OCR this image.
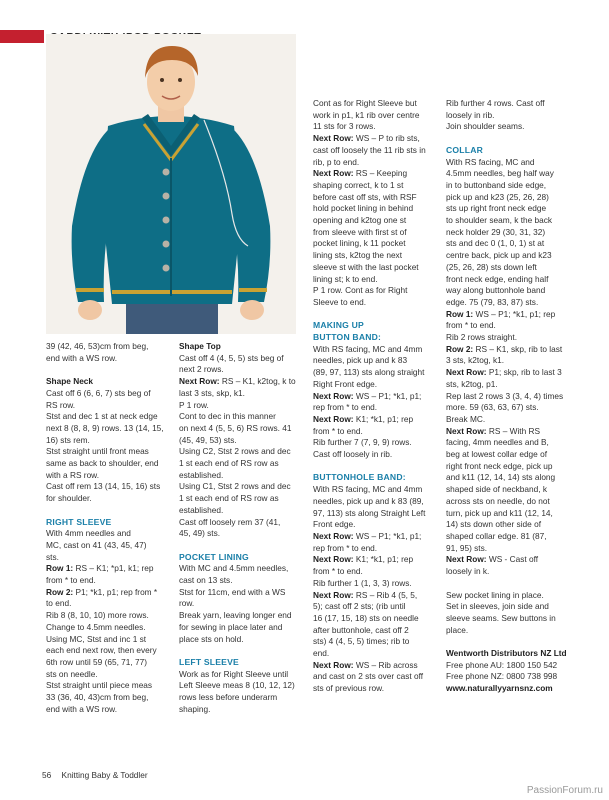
39 (42, 46, 53)cm from beg,

end with a WS row.

Shape Neck

Cast off 6 (6, 6, 7) sts beg of

RS row.

Stst and dec 1 st at neck edge

next 8 (8, 8, 9) rows. 13 (14, 15,

16) sts rem.

Stst straight until front meas

same as back to shoulder, end

with a RS row.

Cast off rem 13 (14, 15, 16) sts

for shoulder.

RIGHT SLEEVE

With 4mm needles and

MC, cast on 41 (43, 45, 47)

sts.

Row 1: RS – K1; *p1, k1; rep

from * to end.

Row 2: P1; *k1, p1; rep from *

to end.

Rib 8 (8, 10, 10) more rows.

Change to 4.5mm needles.

Using MC, Stst and inc 1 st

each end next row, then every

6th row until 59 (65, 71, 77)

sts on needle.

Stst straight until piece meas

33 (36, 40, 43)cm from beg,

end with a WS row.

Shape Top

Cast off 4 (4, 5, 5) sts beg of

next 2 rows.

Next Row: RS – K1, k2tog, k to

last 3 sts, skp, k1.

P 1 row.

Cont to dec in this manner

on next 4 (5, 5, 6) RS rows. 41

(45, 49, 53) sts.

Using C2, Stst 2 rows and dec

1 st each end of RS row as

established.

Using C1, Stst 2 rows and dec

1 st each end of RS row as

established.

Cast off loosely rem 37 (41,

45, 49) sts.

POCKET LINING

With MC and 4.5mm needles,

cast on 13 sts.

Stst for 11cm, end with a WS

row.

Break yarn, leaving longer end

for sewing in place later and

place sts on hold.

LEFT SLEEVE

Work as for Right Sleeve until

Left Sleeve meas 8 (10, 12, 12)

rows less before underarm

shaping.

Cont as for Right Sleeve but

work in p1, k1 rib over centre

11 sts for 3 rows.

Next Row: WS – P to rib sts,

cast off loosely the 11 rib sts in

rib, p to end.

Next Row: RS – Keeping

shaping correct, k to 1 st

before cast off sts, with RSF

hold pocket lining in behind

opening and k2tog one st

from sleeve with first st of

pocket lining, k 11 pocket

lining sts, k2tog the next

sleeve st with the last pocket

lining st; k to end.

P 1 row. Cont as for Right

Sleeve to end.

MAKING UP

BUTTON BAND:

With RS facing, MC and 4mm

needles, pick up and k 83

(89, 97, 113) sts along straight

Right Front edge.

Next Row: WS – P1; *k1, p1;

rep from * to end.

Next Row: K1; *k1, p1; rep

from * to end.

Rib further 7 (7, 9, 9) rows.

Cast off loosely in rib.

BUTTONHOLE BAND:

With RS facing, MC and 4mm

needles, pick up and k 83 (89,

97, 113) sts along Straight Left

Front edge.

Next Row: WS – P1; *k1, p1;

rep from * to end.

Next Row: K1; *k1, p1; rep

from * to end.

Rib further 1 (1, 3, 3) rows.

Next Row: RS – Rib 4 (5, 5,

5); cast off 2 sts; (rib until

16 (17, 15, 18) sts on needle

after buttonhole, cast off 2

sts) 4 (4, 5, 5) times; rib to

end.

Next Row: WS – Rib across

and cast on 2 sts over cast off

sts of previous row.

Rib further 4 rows. Cast off

loosely in rib.

Join shoulder seams.

COLLAR

With RS facing, MC and

4.5mm needles, beg half way

in to buttonband side edge,

pick up and k23 (25, 26, 28)

sts up right front neck edge

to shoulder seam, k the back

neck holder 29 (30, 31, 32)

sts and dec 0 (1, 0, 1) st at

centre back, pick up and k23

(25, 26, 28) sts down left

front neck edge, ending half

way along buttonhole band

edge. 75 (79, 83, 87) sts.

Row 1: WS – P1; *k1, p1; rep

from * to end.

Rib 2 rows straight.

Row 2: RS – K1, skp, rib to last

3 sts, k2tog, k1.

Next Row: P1; skp, rib to last 3

sts, k2tog, p1.

Rep last 2 rows 3 (3, 4, 4) times

more. 59 (63, 63, 67) sts.

Break MC.

Next Row: RS – With RS

facing, 4mm needles and B,

beg at lowest collar edge of

right front neck edge, pick up

and k11 (12, 14, 14) sts along

shaped side of neckband, k

across sts on needle, do not

turn, pick up and k11 (12, 14,

14) sts down other side of

shaped collar edge. 81 (87,

91, 95) sts.

Next Row: WS - Cast off

loosely in k.

Sew pocket lining in place.

Set in sleeves, join side and

sleeve seams. Sew buttons in

place.

Wentworth Distributors NZ Ltd

Free phone AU: 1800 150 542

Free phone NZ: 0800 738 998

www.naturallyyarnsnz.com

56 Knitting Baby & Toddler
PassionForum.ru
